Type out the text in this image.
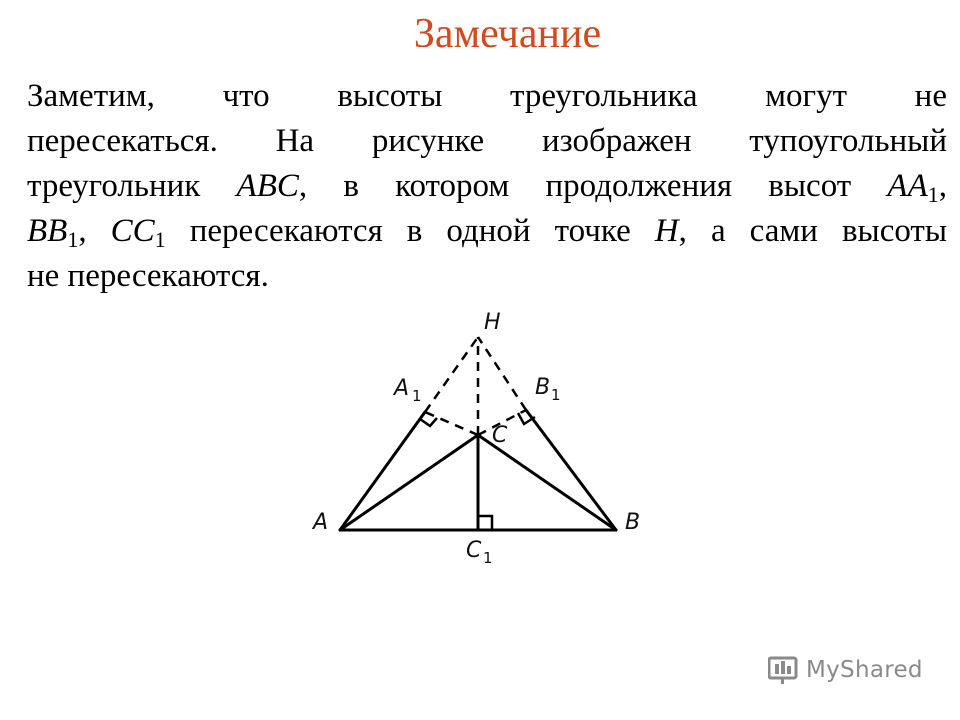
Замечание
Заметим, что высоты треугольника могут не
пересекаться. На рисунке изображен тупоугольный
треугольник ABC, в котором продолжения высот $AA_1$,
$BB_1$, $CC_1$ пересекаются в одной точке H, а сами высоты
не пересекаются.
H
A 1	B 1
C
A	B
C 1
MyShared
